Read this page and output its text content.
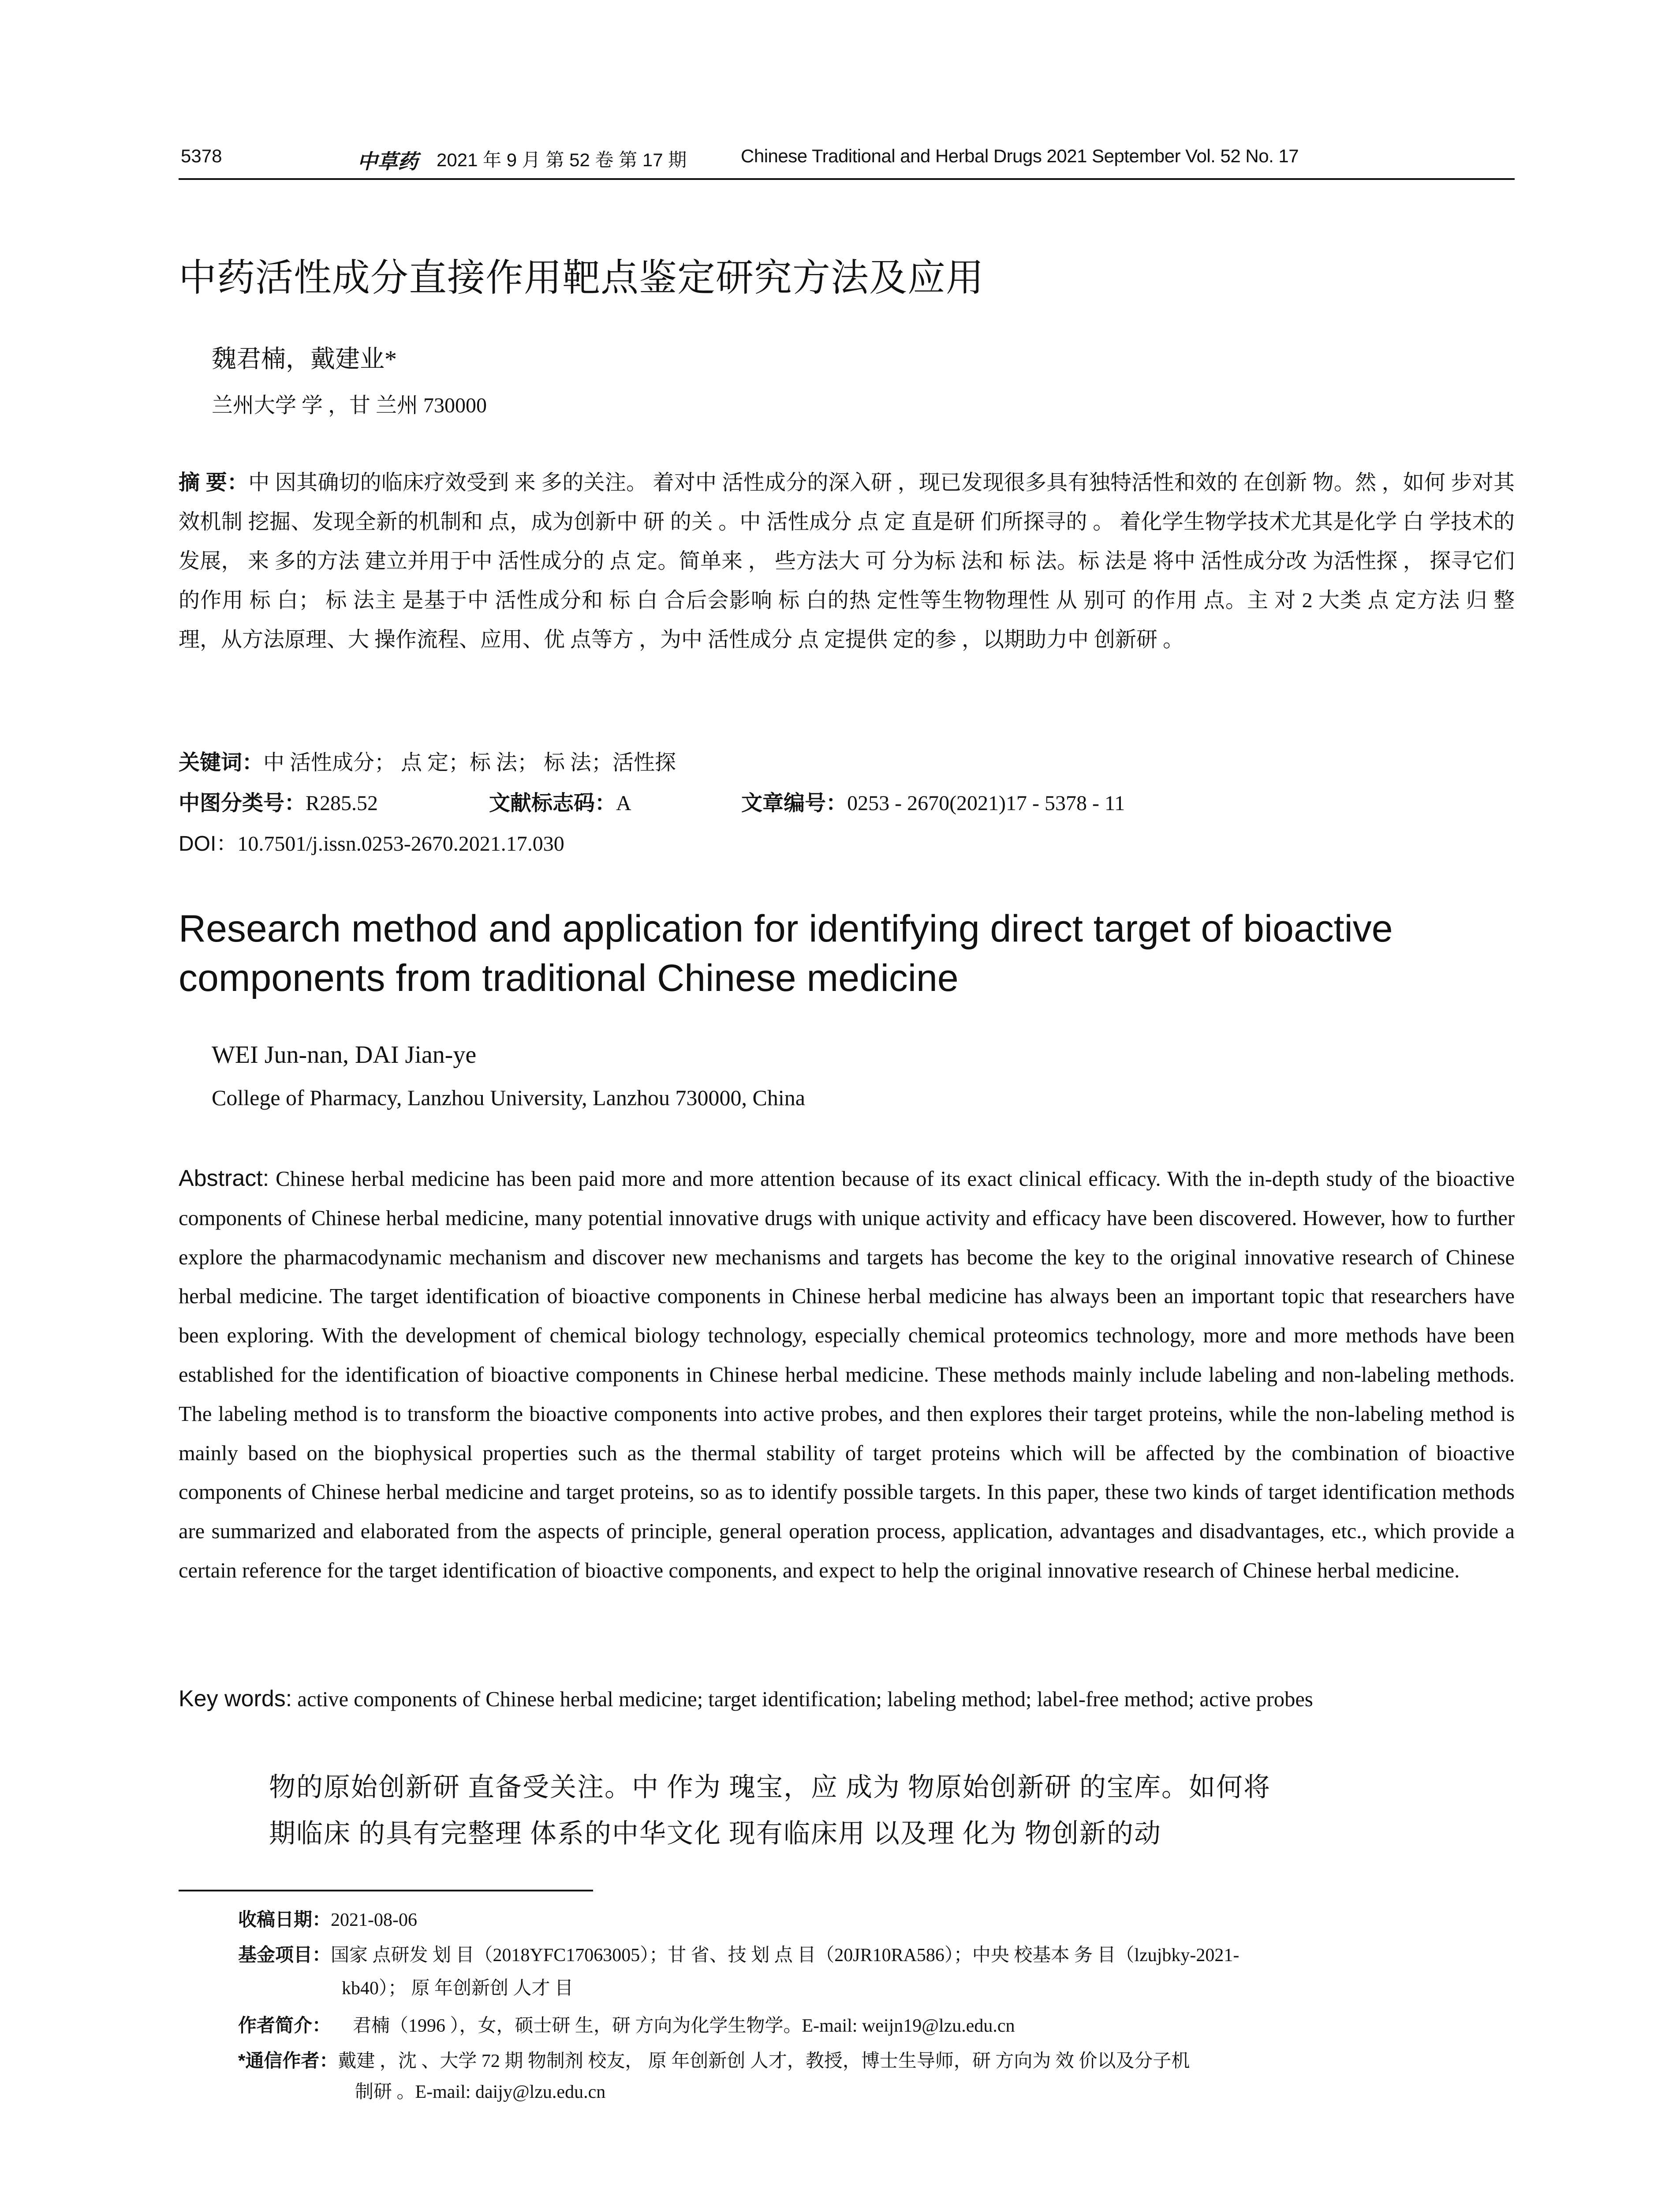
5378	中草药 2021 年 9 月 第 52 卷 第 17 期	Chinese Traditional and Herbal Drugs 2021 September Vol. 52 No. 17
中药活性成分直接作用靶点鉴定研究方法及应用
魏君楠，戴建业*
兰州大学 学 ，甘 兰州 730000
摘 要：中 因其确切的临床疗效受到 来 多的关注。 着对中 活性成分的深入研 ，现已发现很多具有独特活性和效的 在创新 物。然 ，如何 步对其 效机制 挖掘、发现全新的机制和 点，成为创新中 研 的关 。中 活性成分 点 定 直是研 们所探寻的 。 着化学生物学技术尤其是化学 白 学技术的发展， 来 多的方法 建立并用于中 活性成分的 点 定。简单来 ， 些方法大 可 分为标 法和 标 法。标 法是 将中 活性成分改 为活性探 ， 探寻它们的作用 标 白； 标 法主 是基于中 活性成分和 标 白 合后会影响 标 白的热 定性等生物物理性 从 别可 的作用 点。主 对 2 大类 点 定方法 归 整理，从方法原理、大 操作流程、应用、优 点等方 ，为中 活性成分 点 定提供 定的参 ，以期助力中 创新研 。
关键词：中 活性成分； 点 定；标 法； 标 法；活性探
中图分类号：R285.52	文献标志码：A	文章编号：0253 - 2670(2021)17 - 5378 - 11
DOI：10.7501/j.issn.0253-2670.2021.17.030
Research method and application for identifying direct target of bioactive components from traditional Chinese medicine
WEI Jun-nan, DAI Jian-ye
College of Pharmacy, Lanzhou University, Lanzhou 730000, China
Abstract: Chinese herbal medicine has been paid more and more attention because of its exact clinical efficacy. With the in-depth study of the bioactive components of Chinese herbal medicine, many potential innovative drugs with unique activity and efficacy have been discovered. However, how to further explore the pharmacodynamic mechanism and discover new mechanisms and targets has become the key to the original innovative research of Chinese herbal medicine. The target identification of bioactive components in Chinese herbal medicine has always been an important topic that researchers have been exploring. With the development of chemical biology technology, especially chemical proteomics technology, more and more methods have been established for the identification of bioactive components in Chinese herbal medicine. These methods mainly include labeling and non-labeling methods. The labeling method is to transform the bioactive components into active probes, and then explores their target proteins, while the non-labeling method is mainly based on the biophysical properties such as the thermal stability of target proteins which will be affected by the combination of bioactive components of Chinese herbal medicine and target proteins, so as to identify possible targets. In this paper, these two kinds of target identification methods are summarized and elaborated from the aspects of principle, general operation process, application, advantages and disadvantages, etc., which provide a certain reference for the target identification of bioactive components, and expect to help the original innovative research of Chinese herbal medicine.
Key words: active components of Chinese herbal medicine; target identification; labeling method; label-free method; active probes
物的原始创新研 直备受关注。中 作为 瑰宝，应 成为 物原始创新研 的宝库。如何将
期临床 的具有完整理 体系的中华文化 现有临床用 以及理 化为 物创新的动
收稿日期：2021-08-06
基金项目：国家 点研发 划 目（2018YFC17063005）；甘 省、技 划 点 目（20JR10RA586）；中央 校基本 务 目（lzujbky-2021-
kb40）； 原 年创新创 人才 目
作者简介： 君楠（1996 ），女，硕士研 生，研 方向为化学生物学。E-mail: weijn19@lzu.edu.cn
*通信作者：戴建 ，沈 、大学 72 期 物制剂 校友， 原 年创新创 人才，教授，博士生导师，研 方向为 效 价以及分子机
制研 。E-mail: daijy@lzu.edu.cn
